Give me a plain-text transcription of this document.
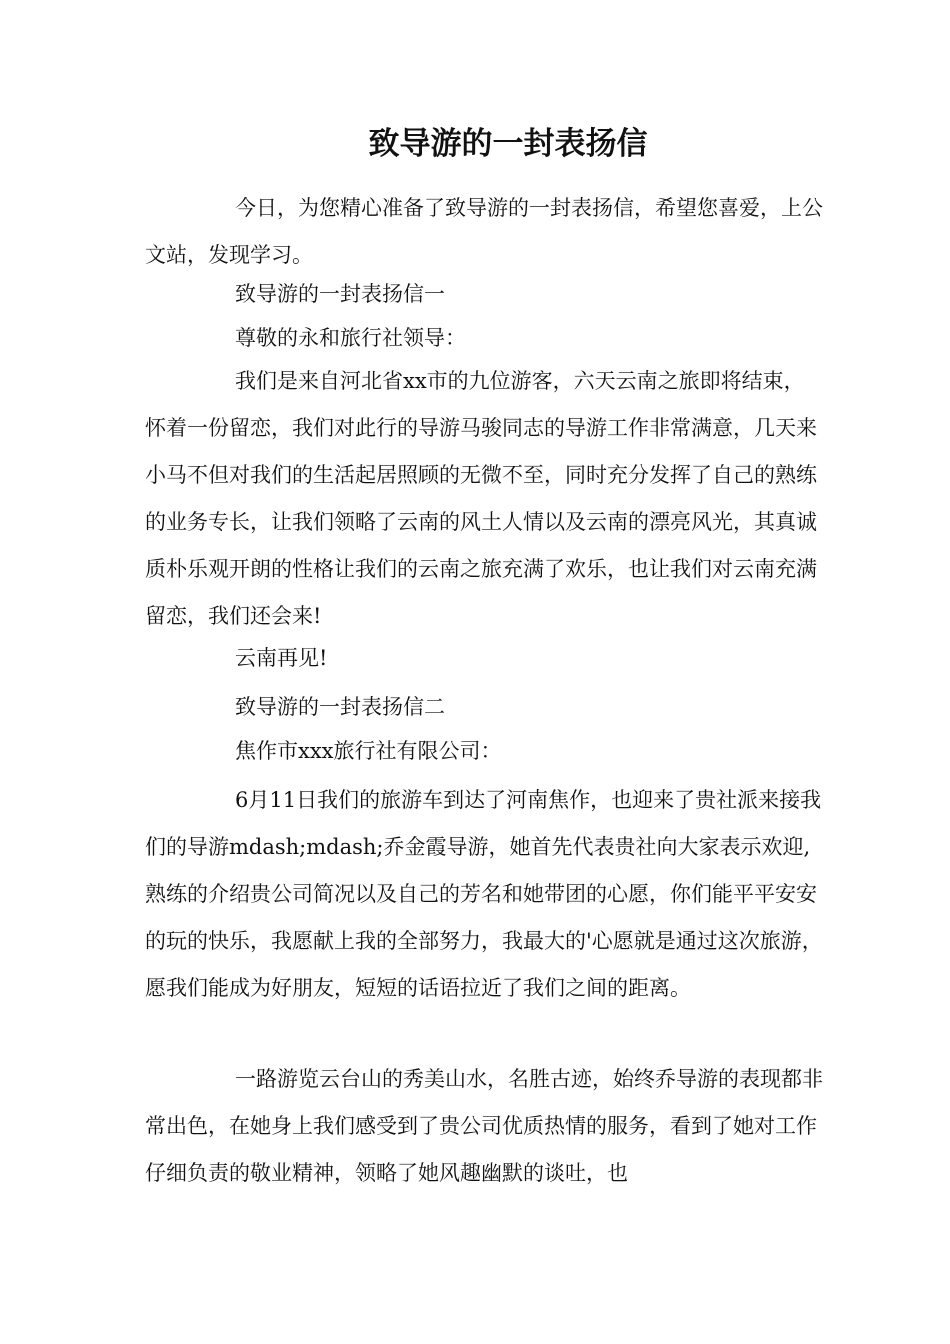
致导游的一封表扬信

今日，为您精心准备了致导游的一封表扬信，希望您喜爱，上公文站，发现学习。

致导游的一封表扬信一

尊敬的永和旅行社领导：

我们是来自河北省xx市的九位游客，六天云南之旅即将结束，怀着一份留恋，我们对此行的导游马骏同志的导游工作非常满意，几天来小马不但对我们的生活起居照顾的无微不至，同时充分发挥了自己的熟练的业务专长，让我们领略了云南的风土人情以及云南的漂亮风光，其真诚质朴乐观开朗的性格让我们的云南之旅充满了欢乐，也让我们对云南充满留恋，我们还会来!

云南再见!

致导游的一封表扬信二

焦作市xxx旅行社有限公司：

6月11日我们的旅游车到达了河南焦作，也迎来了贵社派来接我们的导游mdash;mdash;乔金霞导游，她首先代表贵社向大家表示欢迎,熟练的介绍贵公司简况以及自己的芳名和她带团的心愿，你们能平平安安的玩的快乐，我愿献上我的全部努力，我最大的'心愿就是通过这次旅游，愿我们能成为好朋友，短短的话语拉近了我们之间的距离。

一路游览云台山的秀美山水，名胜古迹，始终乔导游的表现都非常出色，在她身上我们感受到了贵公司优质热情的服务，看到了她对工作仔细负责的敬业精神，领略了她风趣幽默的谈吐，也
